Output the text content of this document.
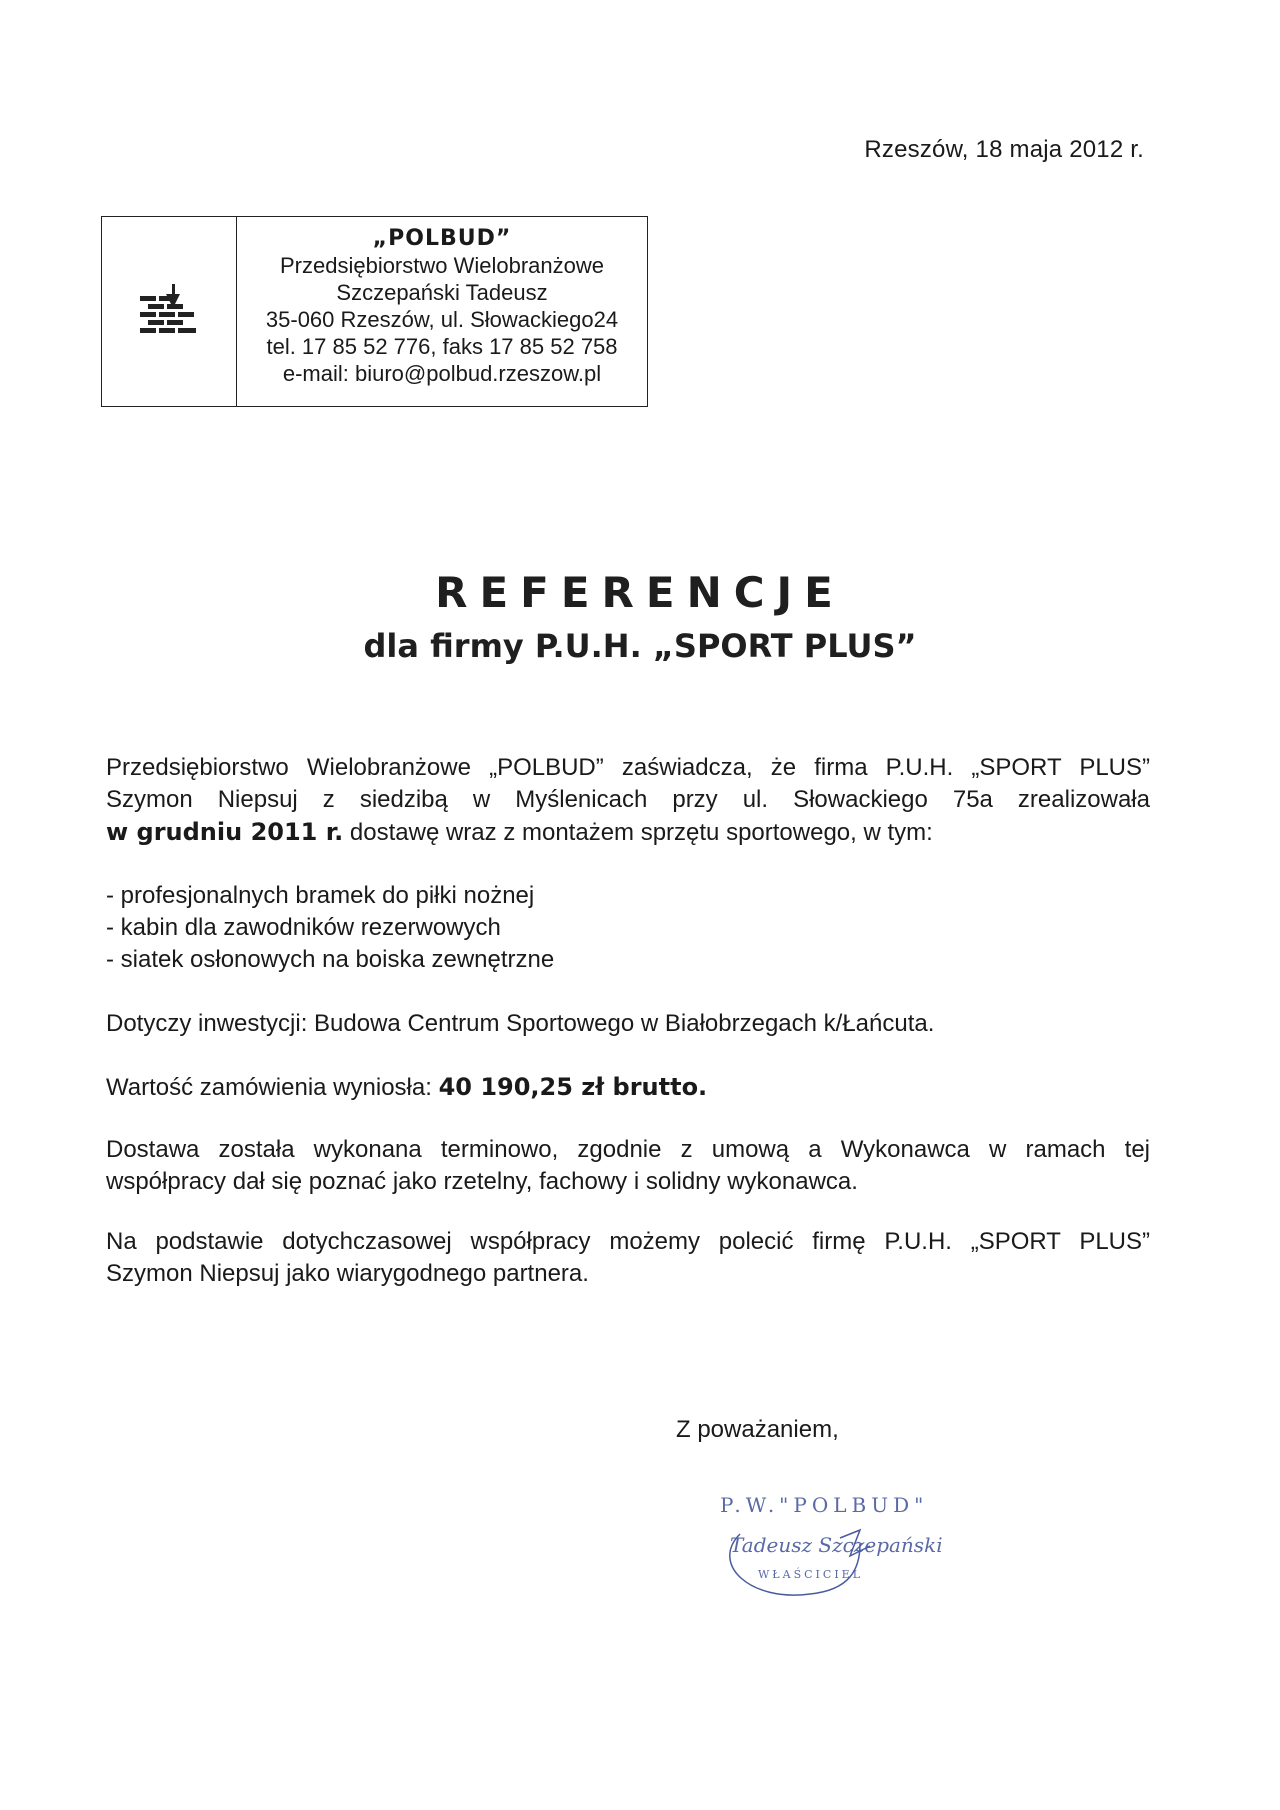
Rzeszów, 18 maja 2012 r.
„POLBUD”
Przedsiębiorstwo Wielobranżowe
Szczepański Tadeusz
35-060 Rzeszów, ul. Słowackiego24
tel. 17 85 52 776, faks 17 85 52 758
e-mail: biuro@polbud.rzeszow.pl
REFERENCJE
dla firmy P.U.H. „SPORT PLUS”
Przedsiębiorstwo Wielobranżowe „POLBUD” zaświadcza, że firma P.U.H. „SPORT PLUS”
Szymon Niepsuj z siedzibą w Myślenicach przy ul. Słowackiego 75a zrealizowała
w grudniu 2011 r. dostawę wraz z montażem sprzętu sportowego, w tym:
- profesjonalnych bramek do piłki nożnej
- kabin dla zawodników rezerwowych
- siatek osłonowych na boiska zewnętrzne
Dotyczy inwestycji: Budowa Centrum Sportowego w Białobrzegach k/Łańcuta.
Wartość zamówienia wyniosła: 40 190,25 zł brutto.
Dostawa została wykonana terminowo, zgodnie z umową a Wykonawca w ramach tej
współpracy dał się poznać jako rzetelny, fachowy i solidny wykonawca.
Na podstawie dotychczasowej współpracy możemy polecić firmę P.U.H. „SPORT PLUS”
Szymon Niepsuj jako wiarygodnego partnera.
Z poważaniem,
P.W."POLBUD"
Tadeusz Szczepański
WŁAŚCICIEL
